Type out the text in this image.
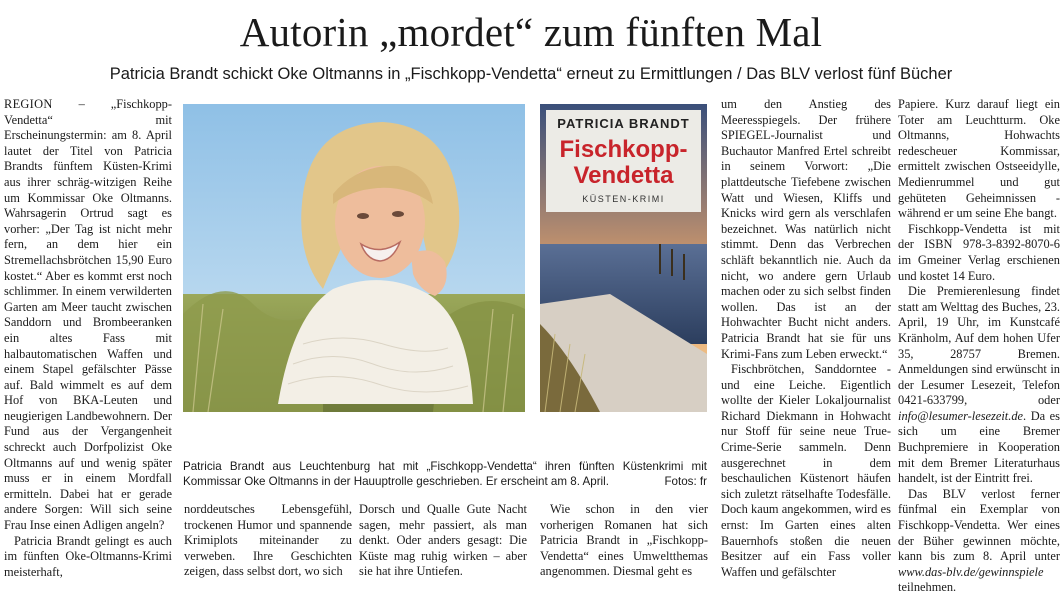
Autorin „mordet“ zum fünften Mal
Patricia Brandt schickt Oke Oltmanns in „Fischkopp-Vendetta“ erneut zu Ermittlungen / Das BLV verlost fünf Bücher

REGION – „Fischkopp-Vendetta“ mit Erscheinungstermin: am 8. April lautet der Titel von Patricia Brandts fünftem Küsten-Krimi aus ihrer schräg-witzigen Reihe um Kommissar Oke Oltmanns. Wahrsagerin Ortrud sagt es vorher: „Der Tag ist nicht mehr fern, an dem hier ein Stremellachsbrötchen 15,90 Euro kostet.“ Aber es kommt erst noch schlimmer. In einem verwilderten Garten am Meer taucht zwischen Sanddorn und Brombeeranken ein altes Fass mit halbautomatischen Waffen und einem Stapel gefälschter Pässe auf. Bald wimmelt es auf dem Hof von BKA-Leuten und neugierigen Landbewohnern. Der Fund aus der Vergangenheit schreckt auch Dorfpolizist Oke Oltmanns auf und wenig später muss er in einem Mordfall ermitteln. Dabei hat er gerade andere Sorgen: Will sich seine Frau Inse einen Adligen angeln?

Patricia Brandt gelingt es auch im fünften Oke-Oltmanns-Krimi meisterhaft,

PATRICIA BRANDT
Fischkopp-
Vendetta
KÜSTEN-KRIMI
Patricia Brandt aus Leuchtenburg hat mit „Fischkopp-Vendetta“ ihren fünften Küstenkrimi mit Kommissar Oke Oltmanns in der Hauuptrolle geschrieben. Er erscheint am 8. April.	Fotos: fr

norddeutsches Lebensgefühl, trockenen Humor und spannende Krimiplots miteinander zu verweben. Ihre Geschichten zeigen, dass selbst dort, wo sich

Dorsch und Qualle Gute Nacht sagen, mehr passiert, als man denkt. Oder anders gesagt: Die Küste mag ruhig wirken – aber sie hat ihre Untiefen.

Wie schon in den vier vorherigen Romanen hat sich Patricia Brandt in „Fischkopp-Vendetta“ eines Umweltthemas angenommen. Diesmal geht es

um den Anstieg des Meeresspiegels. Der frühere SPIEGEL-Journalist und Buchautor Manfred Ertel schreibt in seinem Vorwort: „Die plattdeutsche Tiefebene zwischen Watt und Wiesen, Kliffs und Knicks wird gern als verschlafen bezeichnet. Was natürlich nicht stimmt. Denn das Verbrechen schläft bekanntlich nie. Auch da nicht, wo andere gern Urlaub machen oder zu sich selbst finden wollen. Das ist an der Hohwachter Bucht nicht anders. Patricia Brandt hat sie für uns Krimi-Fans zum Leben erweckt.“

Fischbrötchen, Sanddorntee - und eine Leiche. Eigentlich wollte der Kieler Lokaljournalist Richard Diekmann in Hohwacht nur Stoff für seine neue True-Crime-Serie sammeln. Denn ausgerechnet in dem beschaulichen Küstenort häufen sich zuletzt rätselhafte Todesfälle. Doch kaum angekommen, wird es ernst: Im Garten eines alten Bauernhofs stoßen die neuen Besitzer auf ein Fass voller Waffen und gefälschter

Papiere. Kurz darauf liegt ein Toter am Leuchtturm. Oke Oltmanns, Hohwachts redescheuer Kommissar, ermittelt zwischen Ostseeidylle, Medienrummel und gut gehüteten Geheimnissen - während er um seine Ehe bangt.

Fischkopp-Vendetta ist mit der ISBN 978-3-8392-8070-6 im Gmeiner Verlag erschienen und kostet 14 Euro.

Die Premierenlesung findet statt am Welttag des Buches, 23. April, 19 Uhr, im Kunstcafé Kränholm, Auf dem hohen Ufer 35, 28757 Bremen. Anmeldungen sind erwünscht in der Lesumer Lesezeit, Telefon 0421-633799, oder info@lesumer-lesezeit.de. Da es sich um eine Bremer Buchpremiere in Kooperation mit dem Bremer Literaturhaus handelt, ist der Eintritt frei.

Das BLV verlost ferner fünfmal ein Exemplar von Fischkopp-Vendetta. Wer eines der Büher gewinnen möchte, kann bis zum 8. April unter www.das-blv.de/gewinnspiele teilnehmen.
